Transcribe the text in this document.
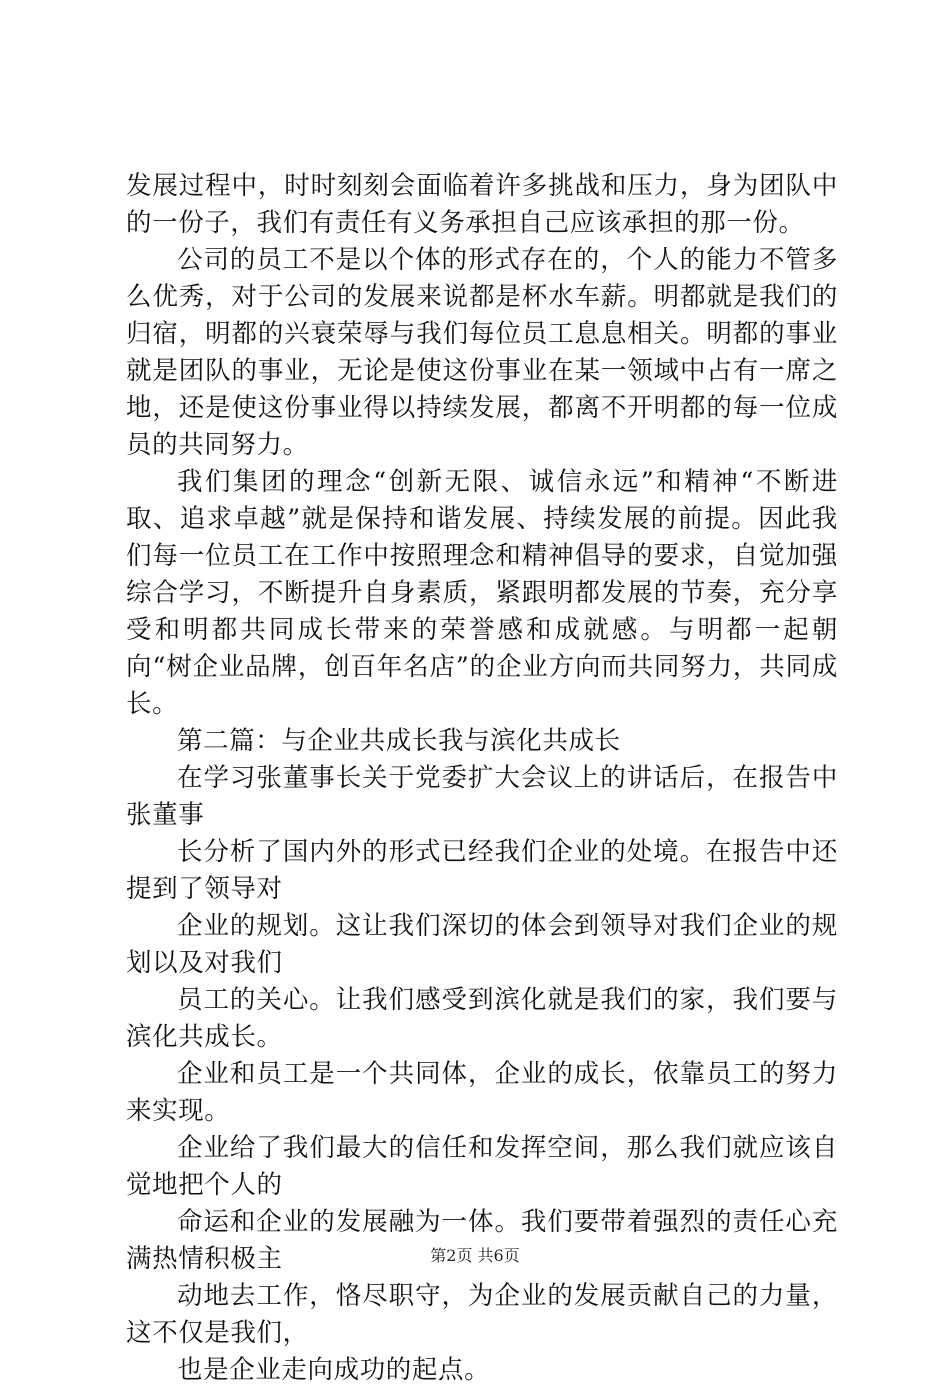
发展过程中，时时刻刻会面临着许多挑战和压力，身为团队中的一份子，我们有责任有义务承担自己应该承担的那一份。

公司的员工不是以个体的形式存在的，个人的能力不管多么优秀，对于公司的发展来说都是杯水车薪。明都就是我们的归宿，明都的兴衰荣辱与我们每位员工息息相关。明都的事业就是团队的事业，无论是使这份事业在某一领域中占有一席之地，还是使这份事业得以持续发展，都离不开明都的每一位成员的共同努力。

我们集团的理念“创新无限、诚信永远”和精神“不断进取、追求卓越”就是保持和谐发展、持续发展的前提。因此我们每一位员工在工作中按照理念和精神倡导的要求，自觉加强综合学习，不断提升自身素质，紧跟明都发展的节奏，充分享受和明都共同成长带来的荣誉感和成就感。与明都一起朝向“树企业品牌，创百年名店”的企业方向而共同努力，共同成长。

第二篇：与企业共成长我与滨化共成长

在学习张董事长关于党委扩大会议上的讲话后，在报告中张董事

长分析了国内外的形式已经我们企业的处境。在报告中还提到了领导对

企业的规划。这让我们深切的体会到领导对我们企业的规划以及对我们

员工的关心。让我们感受到滨化就是我们的家，我们要与滨化共成长。

企业和员工是一个共同体，企业的成长，依靠员工的努力来实现。

企业给了我们最大的信任和发挥空间，那么我们就应该自觉地把个人的

命运和企业的发展融为一体。我们要带着强烈的责任心充满热情积极主

动地去工作，恪尽职守，为企业的发展贡献自己的力量，这不仅是我们，

也是企业走向成功的起点。

第2页 共6页
